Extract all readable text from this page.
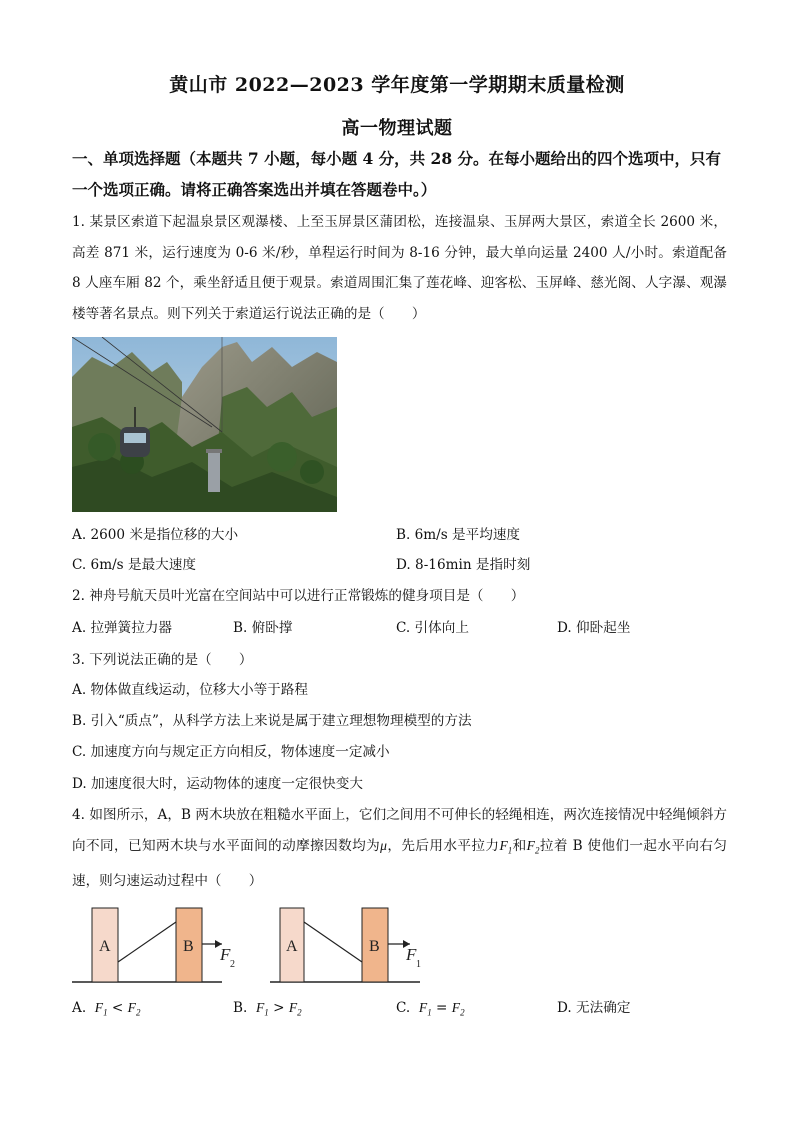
黄山市 2022—2023 学年度第一学期期末质量检测
高一物理试题
一、单项选择题（本题共 7 小题，每小题 4 分，共 28 分。在每小题给出的四个选项中，只有一个选项正确。请将正确答案选出并填在答题卷中。）
1. 某景区索道下起温泉景区观瀑楼、上至玉屏景区蒲团松，连接温泉、玉屏两大景区，索道全长 2600 米，高差 871 米，运行速度为 0-6 米/秒，单程运行时间为 8-16 分钟，最大单向运量 2400 人/小时。索道配备 8 人座车厢 82 个，乘坐舒适且便于观景。索道周围汇集了莲花峰、迎客松、玉屏峰、慈光阁、人字瀑、观瀑楼等著名景点。则下列关于索道运行说法正确的是（　　）
A. 2600 米是指位移的大小	B. 6m/s 是平均速度
C. 6m/s 是最大速度	D. 8-16min 是指时刻
2. 神舟号航天员叶光富在空间站中可以进行正常锻炼的健身项目是（　　）
A. 拉弹簧拉力器	B. 俯卧撑	C. 引体向上	D. 仰卧起坐
3. 下列说法正确的是（　　）
A. 物体做直线运动，位移大小等于路程
B. 引入“质点”，从科学方法上来说是属于建立理想物理模型的方法
C. 加速度方向与规定正方向相反，物体速度一定减小
D. 加速度很大时，运动物体的速度一定很快变大
4. 如图所示，A，B 两木块放在粗糙水平面上，它们之间用不可伸长的轻绳相连，两次连接情况中轻绳倾斜方向不同，已知两木块与水平面间的动摩擦因数均为μ，先后用水平拉力$F_1$和$F_2$拉着 B 使他们一起水平向右匀速，则匀速运动过程中（　　）
A	B F
2
A	B F
1
A. $F_1 < F_2$	B. $F_1 > F_2$	C. $F_1 = F_2$	D. 无法确定
